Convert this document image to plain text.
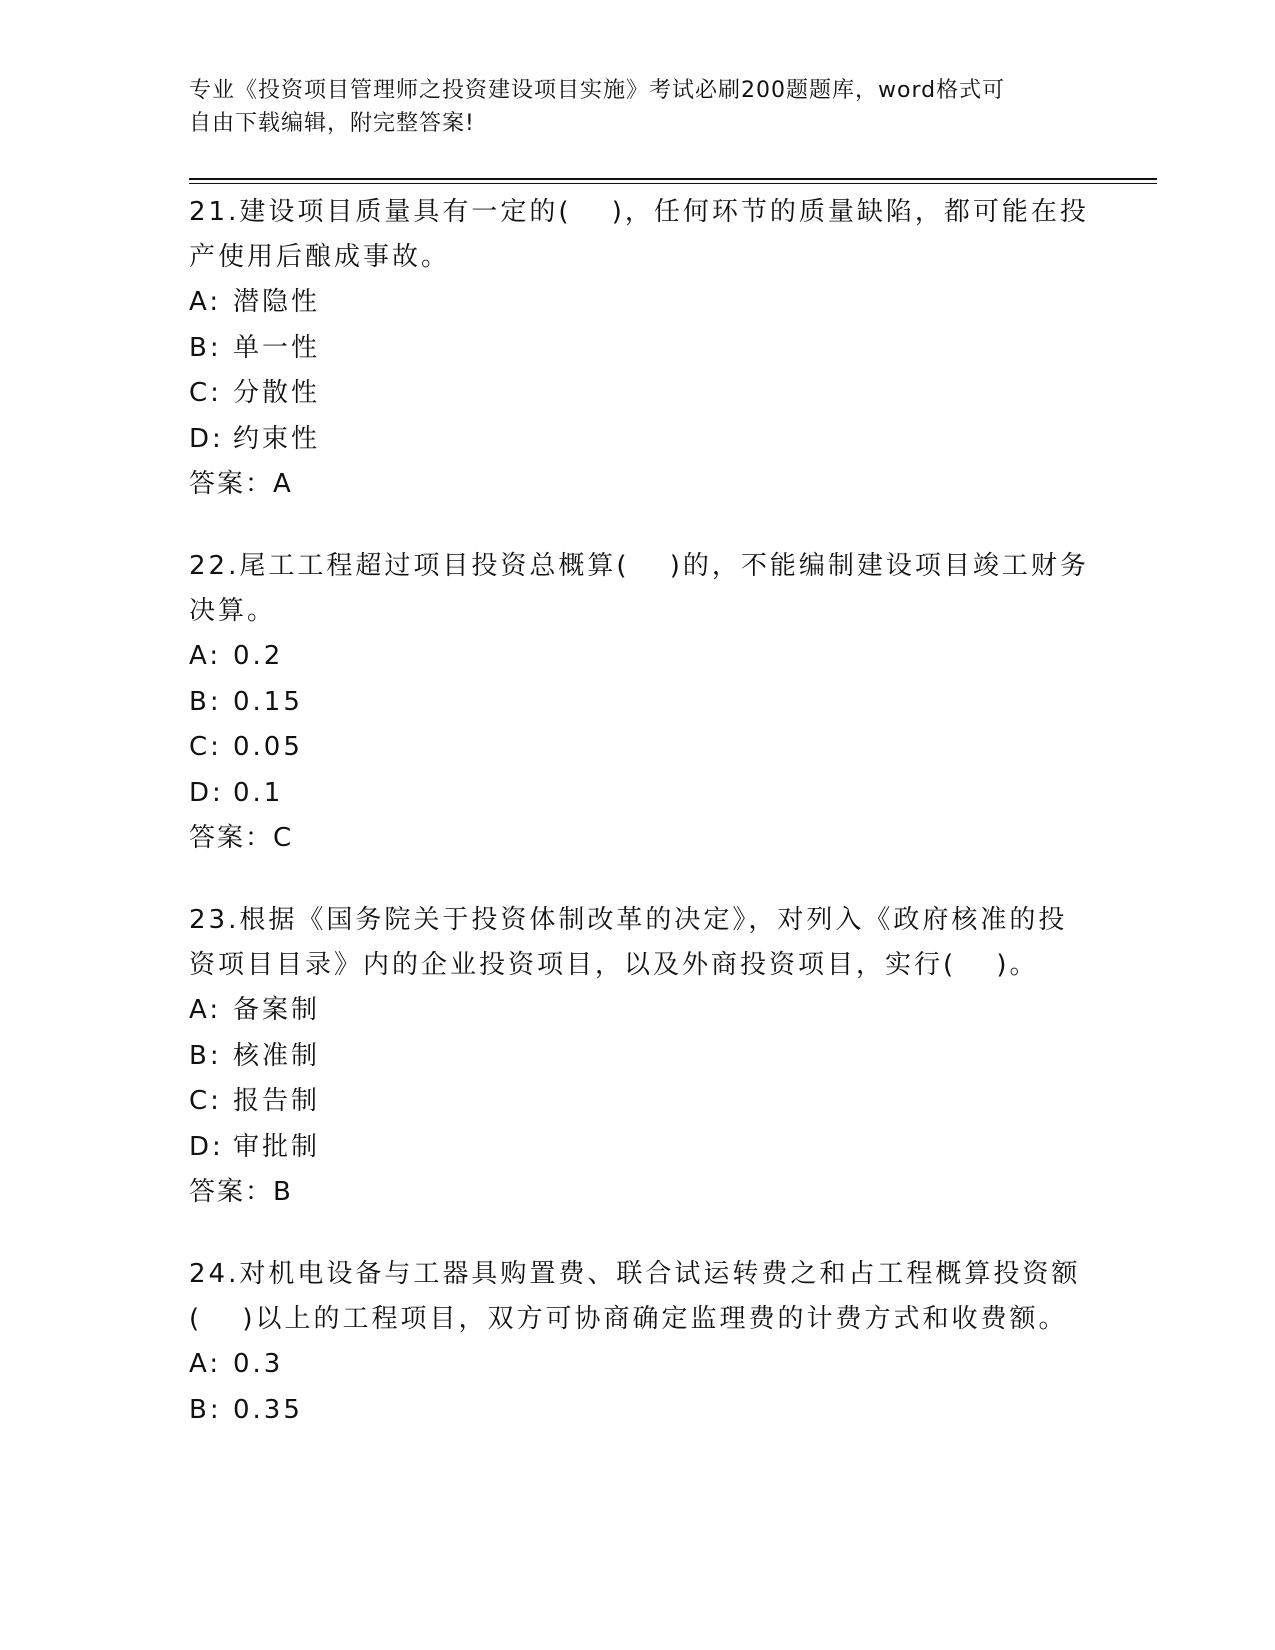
专业《投资项目管理师之投资建设项目实施》考试必刷200题题库，word格式可
自由下载编辑，附完整答案!

21.建设项目质量具有一定的(　 )，任何环节的质量缺陷，都可能在投产使用后酿成事故。

A: 潜隐性
B: 单一性
C: 分散性
D: 约束性

答案：A

22.尾工工程超过项目投资总概算(　 )的，不能编制建设项目竣工财务决算。

A: 0.2
B: 0.15
C: 0.05
D: 0.1

答案：C

23.根据《国务院关于投资体制改革的决定》，对列入《政府核准的投资项目目录》内的企业投资项目，以及外商投资项目，实行(　 )。

A: 备案制
B: 核准制
C: 报告制
D: 审批制

答案：B

24.对机电设备与工器具购置费、联合试运转费之和占工程概算投资额(　 )以上的工程项目，双方可协商确定监理费的计费方式和收费额。

A: 0.3
B: 0.35
